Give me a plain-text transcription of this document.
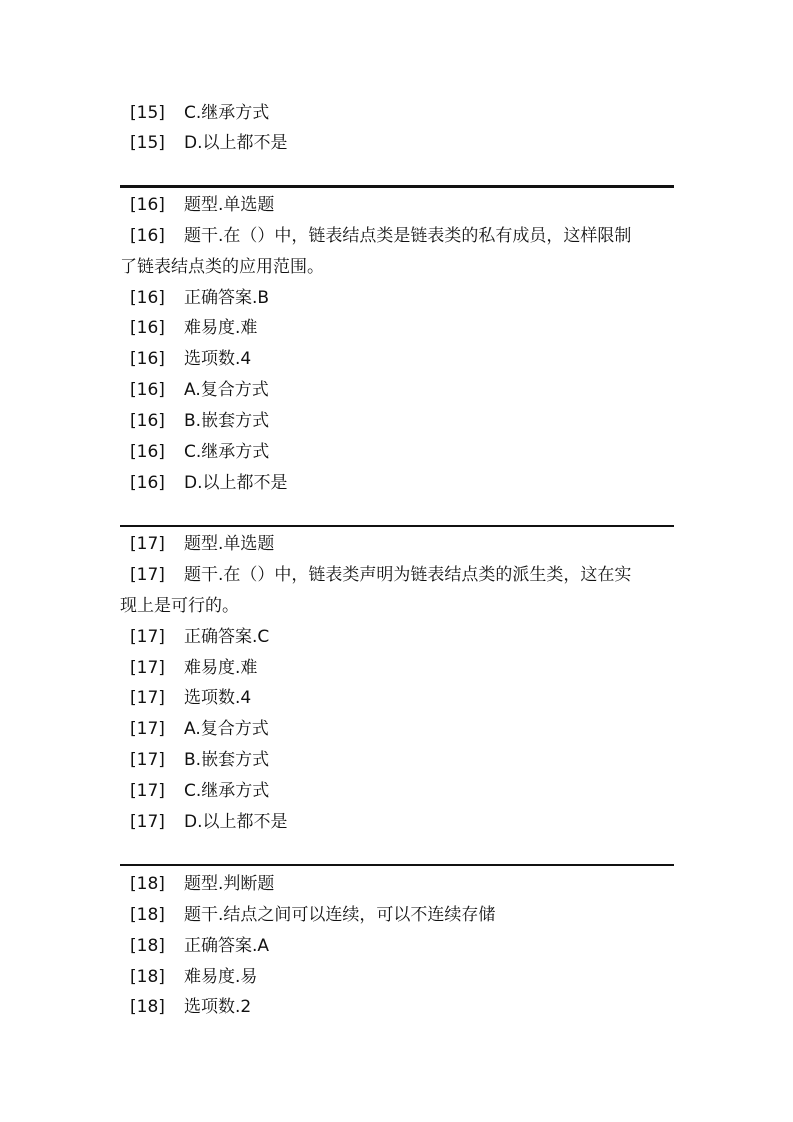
[15] C.继承方式
[15] D.以上都不是
[16] 题型.单选题
[16] 题干.在（）中，链表结点类是链表类的私有成员，这样限制
了链表结点类的应用范围。
[16] 正确答案.B
[16] 难易度.难
[16] 选项数.4
[16] A.复合方式
[16] B.嵌套方式
[16] C.继承方式
[16] D.以上都不是
[17] 题型.单选题
[17] 题干.在（）中，链表类声明为链表结点类的派生类，这在实
现上是可行的。
[17] 正确答案.C
[17] 难易度.难
[17] 选项数.4
[17] A.复合方式
[17] B.嵌套方式
[17] C.继承方式
[17] D.以上都不是
[18] 题型.判断题
[18] 题干.结点之间可以连续，可以不连续存储
[18] 正确答案.A
[18] 难易度.易
[18] 选项数.2
